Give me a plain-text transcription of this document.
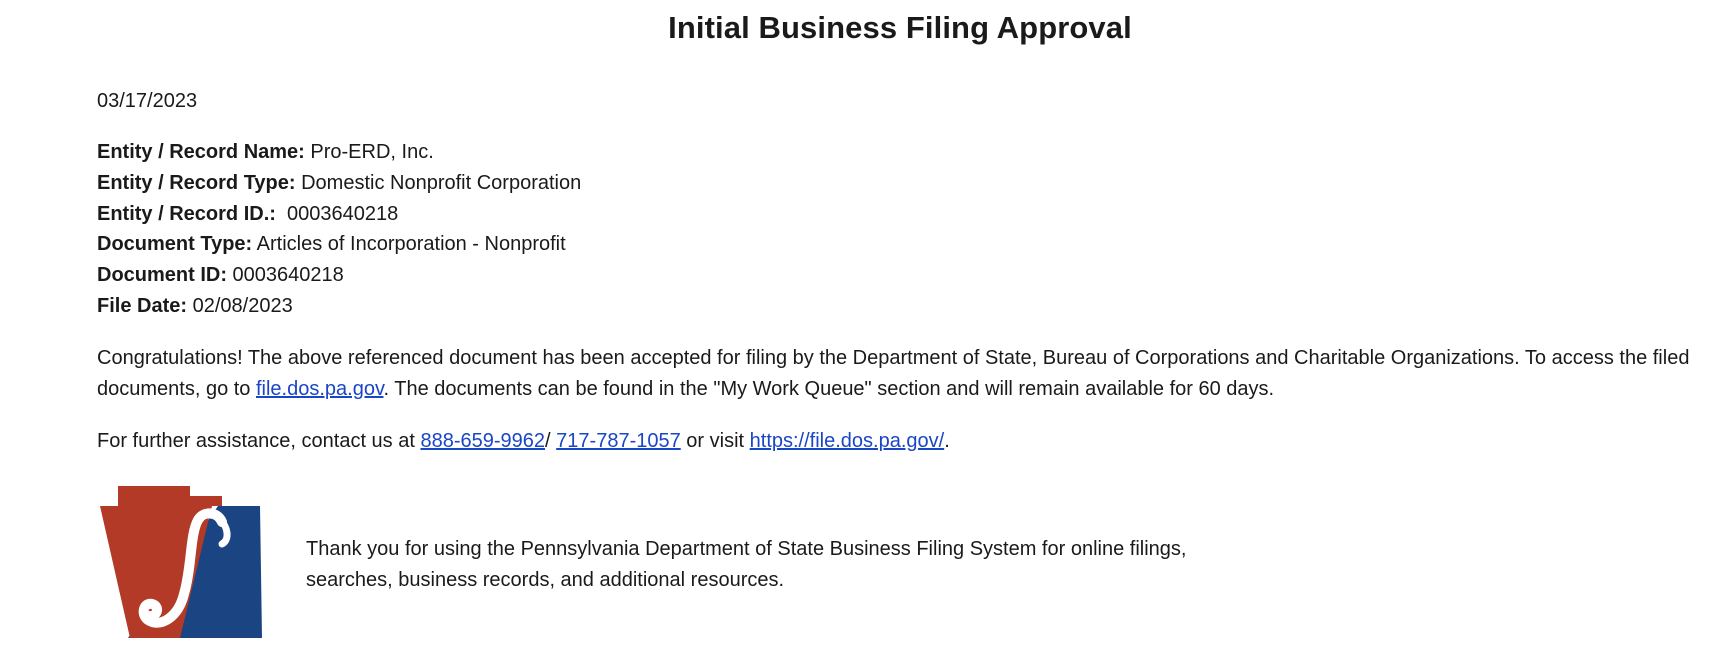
Initial Business Filing Approval
03/17/2023
Entity / Record Name: Pro-ERD, Inc.
Entity / Record Type: Domestic Nonprofit Corporation
Entity / Record ID.:  0003640218
Document Type: Articles of Incorporation - Nonprofit
Document ID: 0003640218
File Date: 02/08/2023
Congratulations! The above referenced document has been accepted for filing by the Department of State, Bureau of Corporations and Charitable Organizations. To access the filed documents, go to file.dos.pa.gov. The documents can be found in the "My Work Queue" section and will remain available for 60 days.
For further assistance, contact us at 888-659-9962/ 717-787-1057 or visit https://file.dos.pa.gov/.
Thank you for using the Pennsylvania Department of State Business Filing System for online filings,
searches, business records, and additional resources.
